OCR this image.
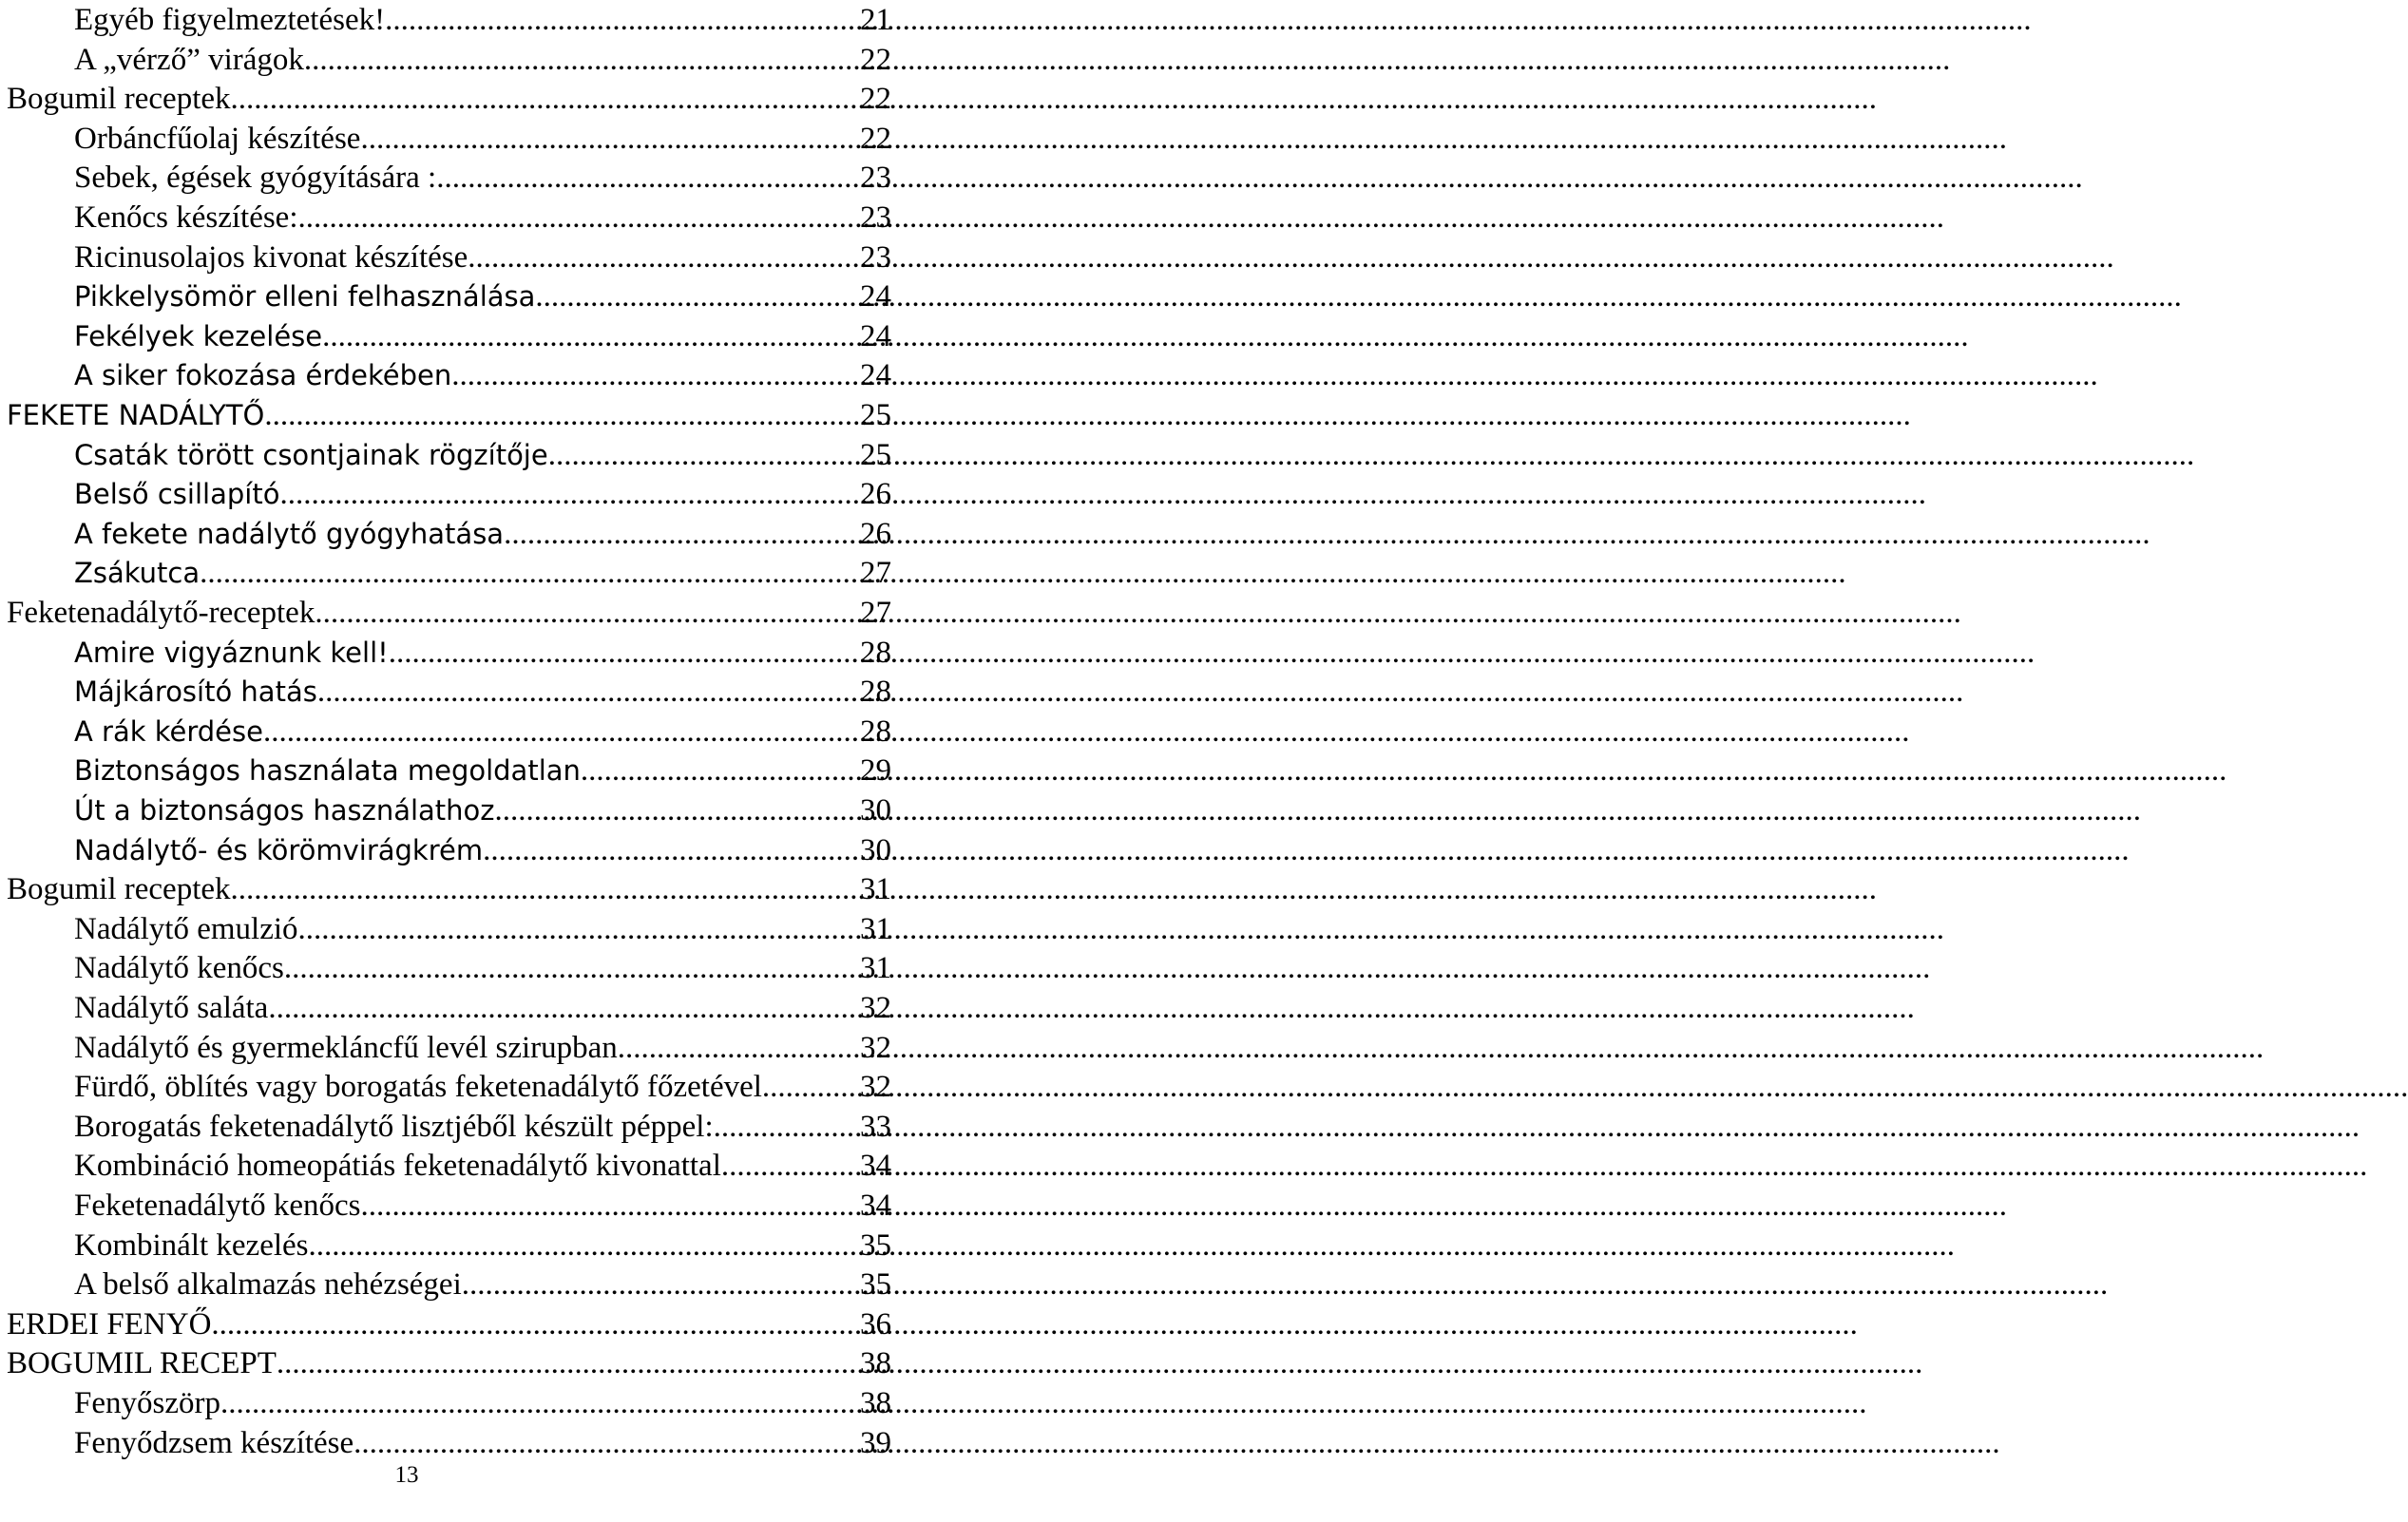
Egyéb figyelmeztetések! .....	21
A „vérző” virágok .....	22
Bogumil receptek .....	22
Orbáncfűolaj készítése .....	22
Sebek, égések gyógyítására : .....	23
Kenőcs készítése: .....	23
Ricinusolajos kivonat készítése .....	23
Pikkelysömör elleni felhasználása .....	24
Fekélyek kezelése .....	24
A siker fokozása érdekében .....	24
FEKETE NADÁLYTŐ .....	25
Csaták törött csontjainak rögzítője .....	25
Belső csillapító .....	26
A fekete nadálytő gyógyhatása .....	26
Zsákutca .....	27
Feketenadálytő-receptek .....	27
Amire vigyáznunk kell! .....	28
Májkárosító hatás .....	28
A rák kérdése .....	28
Biztonságos használata megoldatlan .....	29
Út a biztonságos használathoz .....	30
Nadálytő- és körömvirágkrém .....	30
Bogumil receptek .....	31
Nadálytő emulzió .....	31
Nadálytő kenőcs .....	31
Nadálytő saláta .....	32
Nadálytő és gyermekláncfű levél szirupban .....	32
Fürdő, öblítés vagy borogatás feketenadálytő főzetével .....	32
Borogatás feketenadálytő lisztjéből készült péppel: .....	33
Kombináció homeopátiás feketenadálytő kivonattal .....	34
Feketenadálytő kenőcs .....	34
Kombinált kezelés .....	35
A belső alkalmazás nehézségei .....	35
ERDEI FENYŐ .....	36
BOGUMIL RECEPT .....	38
Fenyőszörp .....	38
Fenyődzsem készítése .....	39
13
